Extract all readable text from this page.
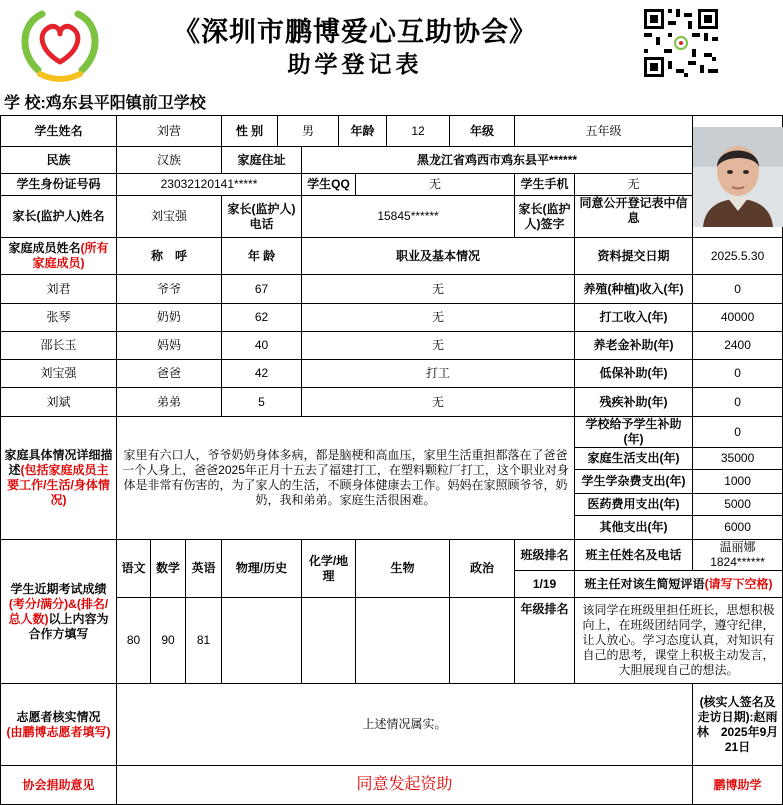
《深圳市鹏博爱心互助协会》
助学登记表
学 校:鸡东县平阳镇前卫学校
学生姓名	刘营			性 别	男		年龄		12	年级	五年级	

民族	汉族			家庭住址		黑龙江省鸡西市鸡东县平******							
学生身份证号码	23032120141*****					学生QQ		无			学生手机	无	
家长(监护人)姓名	刘宝强			家长(监护人)电话		15845******					家长(监护人)签字	同意公开登记表中信息	
家庭成员姓名(所有家庭成员)	称　呼			年 龄		职业及基本情况						资料提交日期	2025.5.30
刘君	爷爷			67		无						养殖(种植)收入(年)	0
张琴	奶奶			62		无						打工收入(年)	40000
邵长玉	妈妈			40		无						养老金补助(年)	2400
刘宝强	爸爸			42		打工						低保补助(年)	0
刘斌	弟弟			5		无						残疾补助(年)	0
家庭具体情况详细描述(包括家庭成员主要工作/生活/身体情况)	家里有六口人，爷爷奶奶身体多病，都是脑梗和高血压，家里生活重担都落在了爸爸一个人身上，爸爸2025年正月十五去了福建打工，在塑料颗粒厂打工，这个职业对身体是非常有伤害的，为了家人的生活，不顾身体健康去工作。妈妈在家照顾爷爷，奶奶，我和弟弟。家庭生活很困难。											学校给予学生补助(年)	0
												家庭生活支出(年)	35000
												学生学杂费支出(年)	1000
												医药费用支出(年)	5000
												其他支出(年)	6000
学生近期考试成绩(考分/满分)&(排名/总人数)以上内容为合作方填写	语文	数学	英语	物理/历史		化学/地理		生物		政治	班级排名	班主任姓名及电话	温丽娜 1824******
											1/19	班主任对该生简短评语(请写下空格)	
	80	90	81								年级排名	该同学在班级里担任班长，思想积极向上，在班级团结同学，遵守纪律，让人放心。学习态度认真，对知识有自己的思考，课堂上积极主动发言，大胆展现自己的想法。	
志愿者核实情况
(由鹏博志愿者填写)	上述情况属实。												(核实人签名及走访日期):赵雨林　2025年9月21日
协会捐助意见	同意发起资助												鹏博助学
